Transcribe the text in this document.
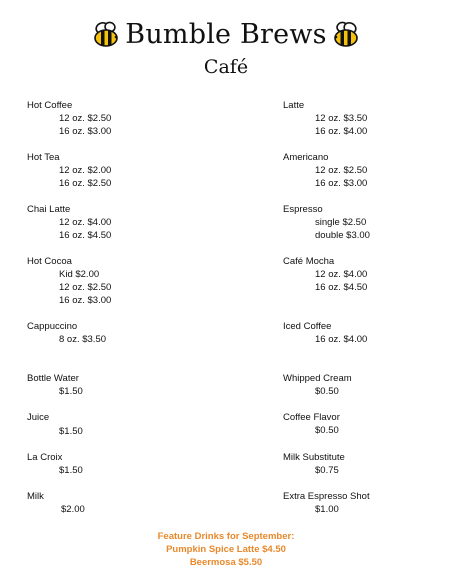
Bumble Brews
Café
Hot Coffee
12 oz. $2.50
16 oz. $3.00
Hot Tea
12 oz. $2.00
16 oz. $2.50
Chai Latte
12 oz. $4.00
16 oz. $4.50
Hot Cocoa
Kid $2.00
12 oz. $2.50
16 oz. $3.00
Cappuccino
8 oz. $3.50
Bottle Water
$1.50
Juice
$1.50
La Croix
$1.50
Milk
$2.00
Latte
12 oz. $3.50
16 oz. $4.00
Americano
12 oz. $2.50
16 oz. $3.00
Espresso
single $2.50
double $3.00
Café Mocha
12 oz. $4.00
16 oz. $4.50
Iced Coffee
16 oz. $4.00
Whipped Cream
$0.50
Coffee Flavor
$0.50
Milk Substitute
$0.75
Extra Espresso Shot
$1.00
Feature Drinks for September:
Pumpkin Spice Latte $4.50
Beermosa $5.50
